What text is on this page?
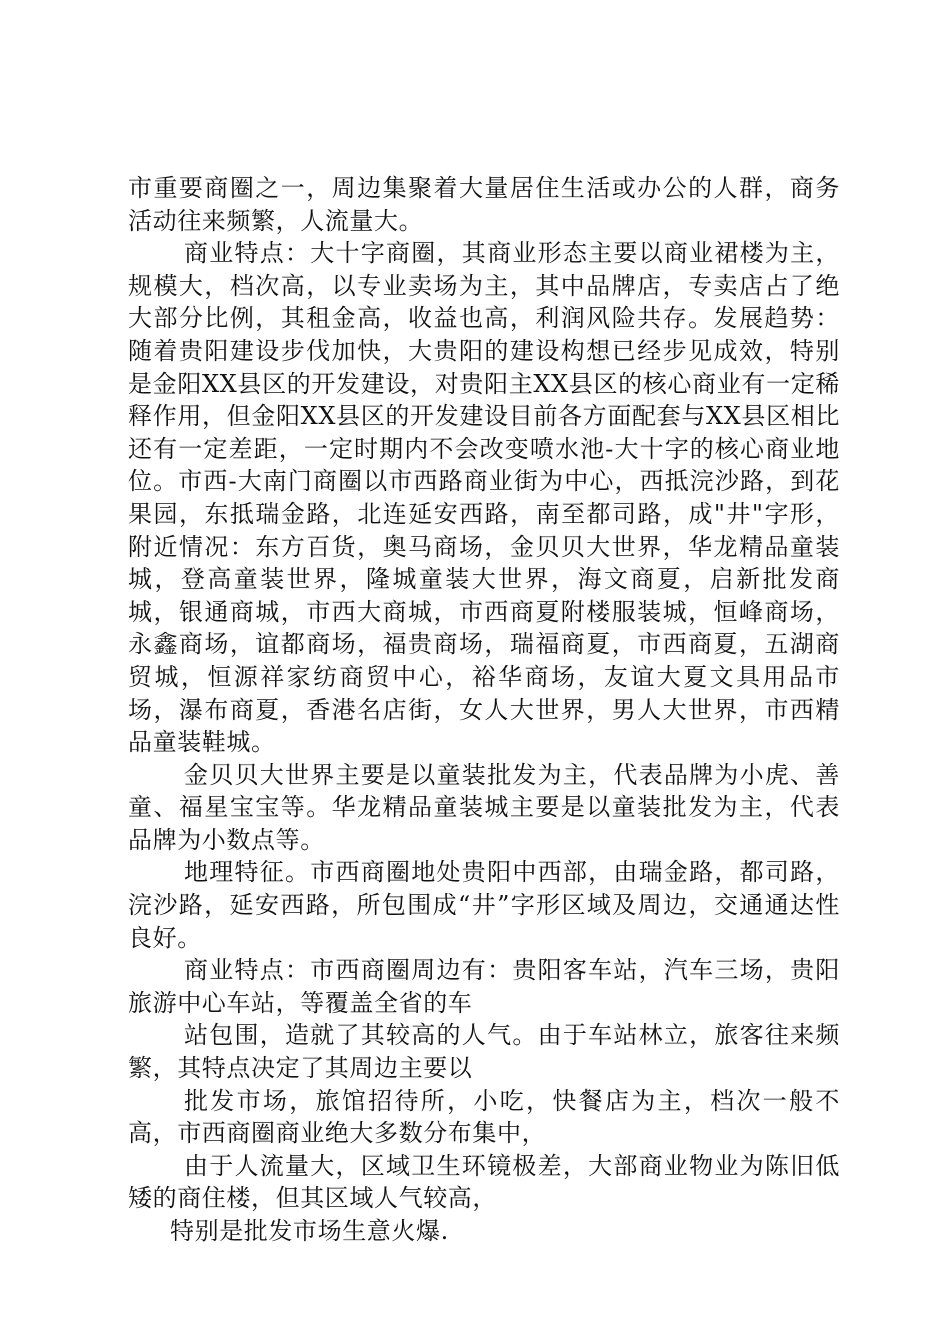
市重要商圈之一，周边集聚着大量居住生活或办公的人群，商务活动往来频繁，人流量大。

商业特点：大十字商圈，其商业形态主要以商业裙楼为主，规模大，档次高，以专业卖场为主，其中品牌店，专卖店占了绝大部分比例，其租金高，收益也高，利润风险共存。发展趋势：随着贵阳建设步伐加快，大贵阳的建设构想已经步见成效，特别是金阳XX县区的开发建设，对贵阳主XX县区的核心商业有一定稀释作用，但金阳XX县区的开发建设目前各方面配套与XX县区相比还有一定差距，一定时期内不会改变喷水池-大十字的核心商业地位。市西-大南门商圈以市西路商业街为中心，西抵浣沙路，到花果园，东抵瑞金路，北连延安西路，南至都司路，成"井"字形，附近情况：东方百货，奥马商场，金贝贝大世界，华龙精品童装城，登高童装世界，隆城童装大世界，海文商夏，启新批发商城，银通商城，市西大商城，市西商夏附楼服装城，恒峰商场，永鑫商场，谊都商场，福贵商场，瑞福商夏，市西商夏，五湖商贸城，恒源祥家纺商贸中心，裕华商场，友谊大夏文具用品市场，瀑布商夏，香港名店街，女人大世界，男人大世界，市西精品童装鞋城。

金贝贝大世界主要是以童装批发为主，代表品牌为小虎、善童、福星宝宝等。华龙精品童装城主要是以童装批发为主，代表品牌为小数点等。

地理特征。市西商圈地处贵阳中西部，由瑞金路，都司路，浣沙路，延安西路，所包围成“井”字形区域及周边，交通通达性良好。

商业特点：市西商圈周边有：贵阳客车站，汽车三场，贵阳旅游中心车站，等覆盖全省的车

站包围，造就了其较高的人气。由于车站林立，旅客往来频繁，其特点决定了其周边主要以

批发市场，旅馆招待所，小吃，快餐店为主，档次一般不高，市西商圈商业绝大多数分布集中，

由于人流量大，区域卫生环镜极差，大部商业物业为陈旧低矮的商住楼，但其区域人气较高，

特别是批发市场生意火爆.
